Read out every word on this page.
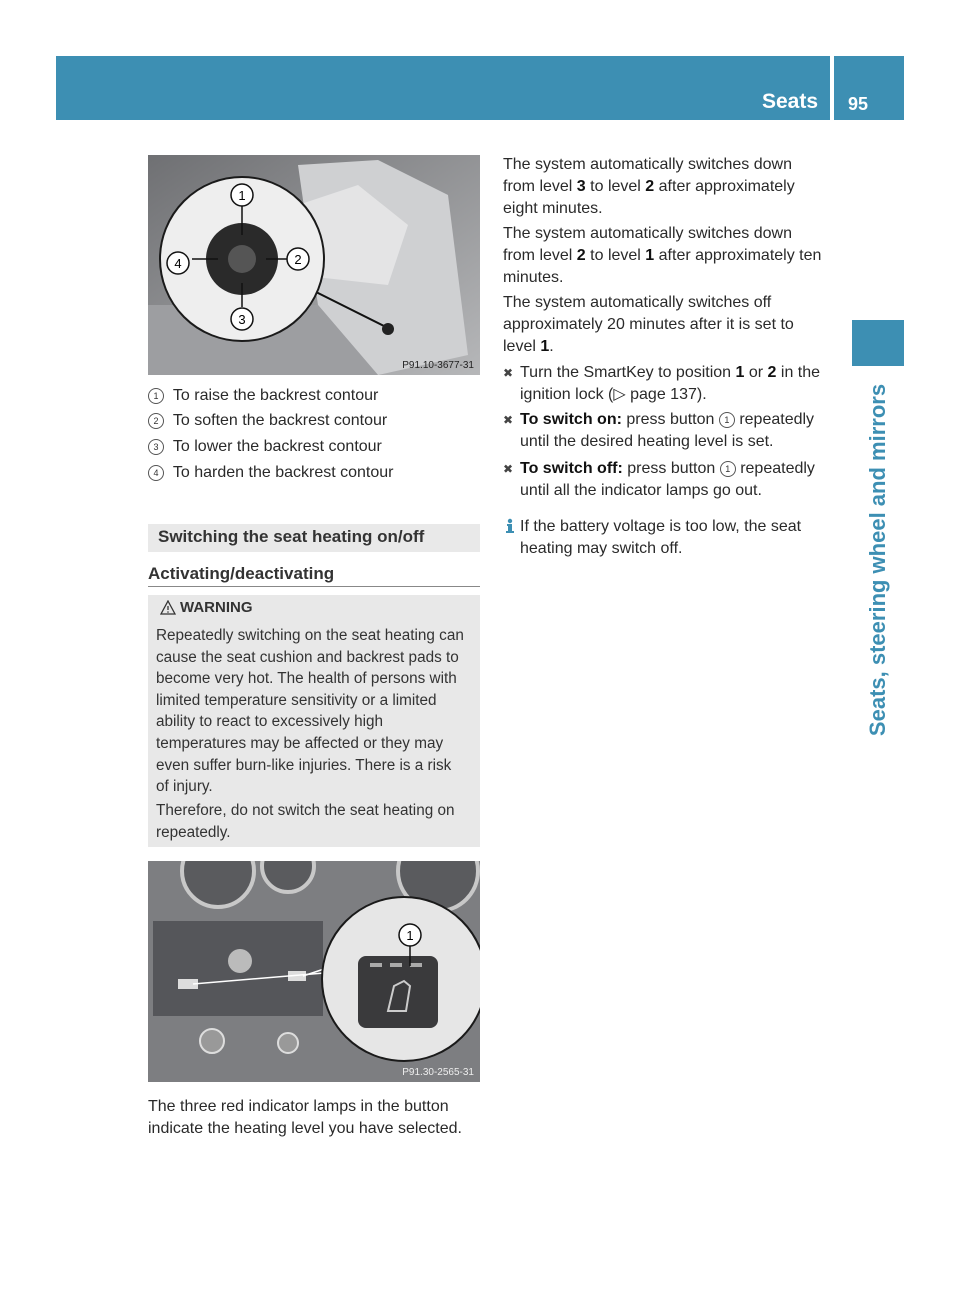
Seats 95
Seats, steering wheel and mirrors
1
2
3
4
P91.10-3677-31
1 To raise the backrest contour
2 To soften the backrest contour
3 To lower the backrest contour
4 To harden the backrest contour
Switching the seat heating on/off
Activating/deactivating
WARNING
Repeatedly switching on the seat heating can
cause the seat cushion and backrest pads to
become very hot. The health of persons with
limited temperature sensitivity or a limited
ability to react to excessively high
temperatures may be affected or they may
even suffer burn-like injuries. There is a risk
of injury.
Therefore, do not switch the seat heating on
repeatedly.
1
P91.30-2565-31
The three red indicator lamps in the button
indicate the heating level you have selected.
The system automatically switches down
from level 3 to level 2 after approximately
eight minutes.
The system automatically switches down
from level 2 to level 1 after approximately ten
minutes.
The system automatically switches off
approximately 20 minutes after it is set to
level 1.
✖ Turn the SmartKey to position 1 or 2 in the
ignition lock (▷ page 137).
✖ To switch on: press button 1 repeatedly
until the desired heating level is set.
✖ To switch off: press button 1 repeatedly
until all the indicator lamps go out.
If the battery voltage is too low, the seat
heating may switch off.
